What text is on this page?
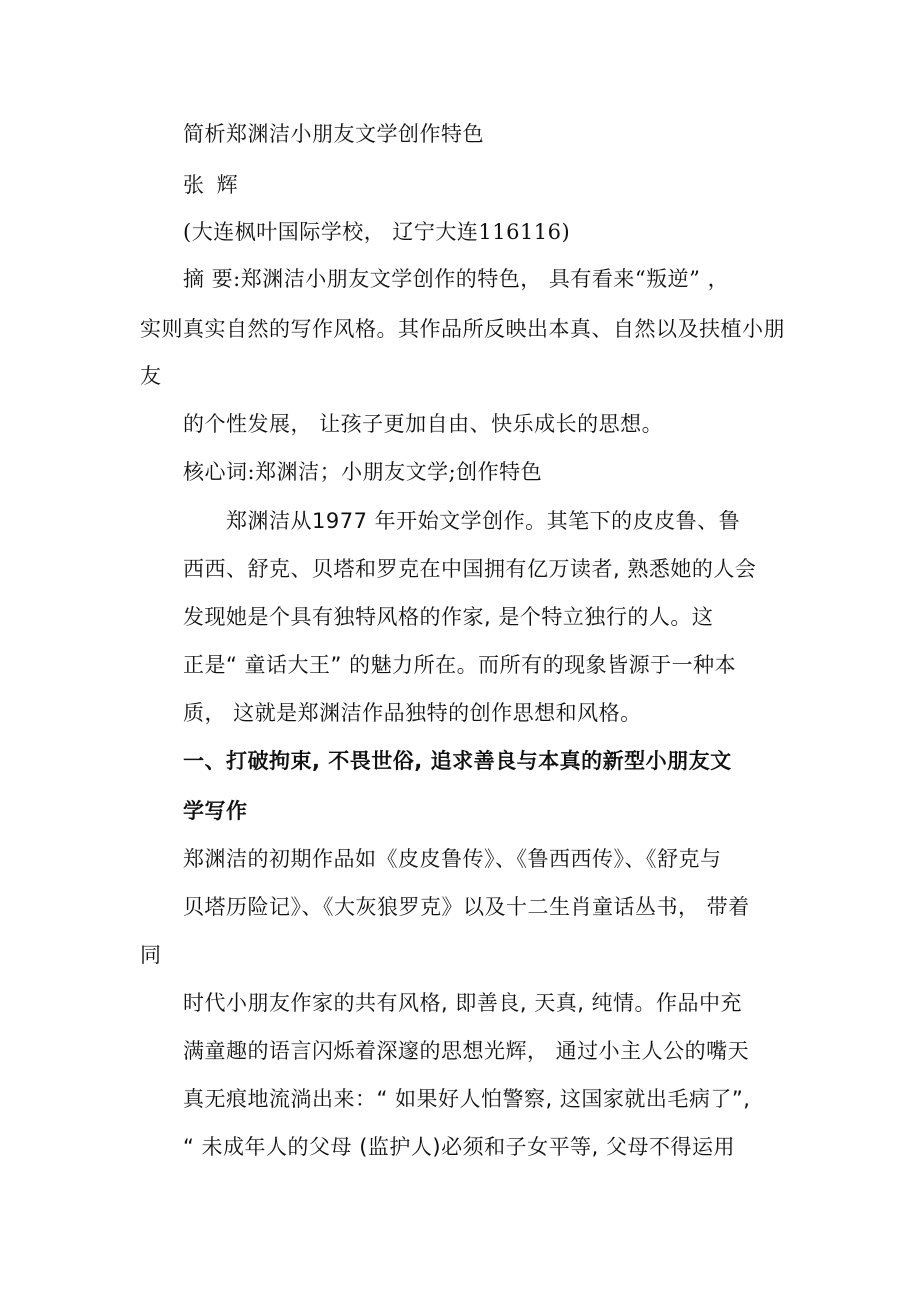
简析郑渊洁小朋友文学创作特色
张 辉
(大连枫叶国际学校， 辽宁大连116116)
摘 要:郑渊洁小朋友文学创作的特色， 具有看来“叛逆” ，
实则真实自然的写作风格。其作品所反映出本真、自然以及扶植小朋
友
的个性发展， 让孩子更加自由、快乐成长的思想。
核心词:郑渊洁；小朋友文学;创作特色
郑渊洁从1977 年开始文学创作。其笔下的皮皮鲁、鲁
西西、舒克、贝塔和罗克在中国拥有亿万读者, 熟悉她的人会
发现她是个具有独特风格的作家, 是个特立独行的人。这
正是“ 童话大王” 的魅力所在。而所有的现象皆源于一种本
质， 这就是郑渊洁作品独特的创作思想和风格。
一、打破拘束, 不畏世俗, 追求善良与本真的新型小朋友文
学写作
郑渊洁的初期作品如《皮皮鲁传》、《鲁西西传》、《舒克与
贝塔历险记》、《大灰狼罗克》以及十二生肖童话丛书， 带着
同
时代小朋友作家的共有风格, 即善良, 天真, 纯情。作品中充
满童趣的语言闪烁着深邃的思想光辉， 通过小主人公的嘴天
真无痕地流淌出来：“ 如果好人怕警察, 这国家就出毛病了”,
“ 未成年人的父母 (监护人)必须和子女平等, 父母不得运用
